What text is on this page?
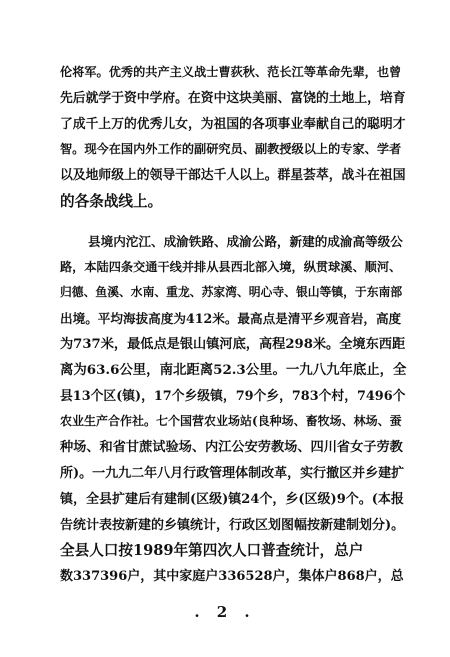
伦将军。优秀的共产主义战士曹荻秋、范长江等革命先辈，也曾
先后就学于资中学府。在资中这块美丽、富饶的土地上，培育
了成千上万的优秀儿女，为祖国的各项事业奉献自己的聪明才
智。现今在国内外工作的副研究员、副教授级以上的专家、学者
以及地师级上的领导干部达千人以上。群星荟萃，战斗在祖国
的各条战线上。
县境内沱江、成渝铁路、成渝公路，新建的成渝高等级公
路，本陆四条交通干线并排从县西北部入境，纵贯球溪、顺河、
归德、鱼溪、水南、重龙、苏家湾、明心寺、银山等镇，于东南部
出境。平均海拔高度为412米。最高点是清平乡观音岩，高度
为737米，最低点是银山镇河底，高程298米。全境东西距
离为63.6公里，南北距离52.3公里。一九八九年底止，全
县13个区(镇)，17个乡级镇，79个乡，783个村，7496个
农业生产合作社。七个国营农业场站(良种场、畜牧场、林场、蚕
种场、和省甘蔗试验场、内江公安劳教场、四川省女子劳教
所)。一九九二年八月行政管理体制改革，实行撤区并乡建扩
镇，全县扩建后有建制(区级)镇24个，乡(区级)9个。(本报
告统计表按新建的乡镇统计，行政区划图幅按新建制划分)。
全县人口按1989年第四次人口普查统计，总户
数337396户，其中家庭户336528户，集体户868户，总
. 2 .
